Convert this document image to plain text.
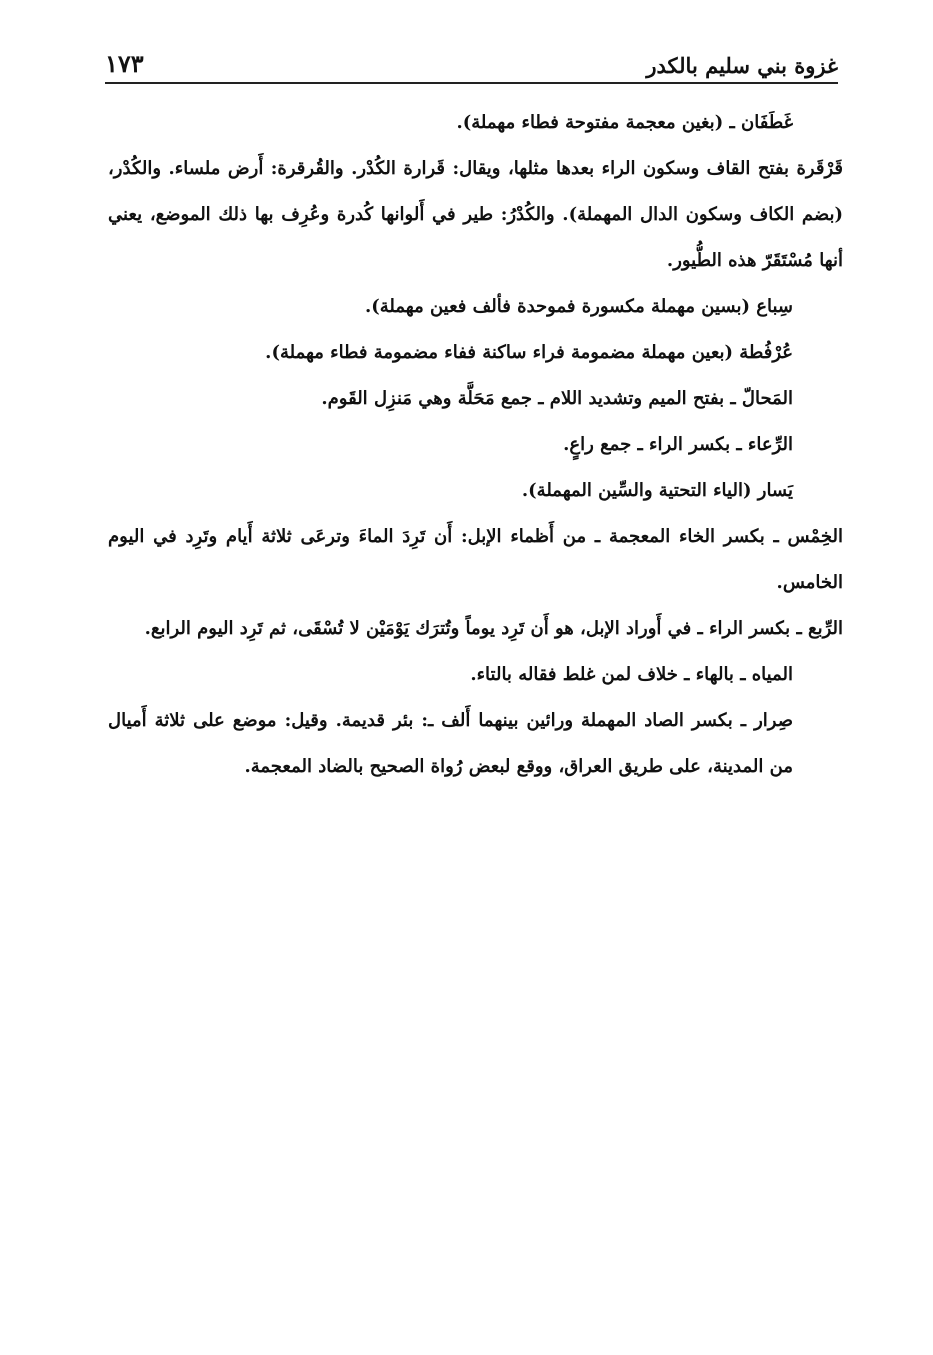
غزوة بني سليم بالكدر
١٧٣

غَطَفَان ـ (بغين معجمة مفتوحة فطاء مهملة).

قَرْقَرة بفتح القاف وسكون الراء بعدها مثلها، ويقال: قَرارة الكُدْر. والقُرقرة: أَرض ملساء. والكُدْر، (بضم الكاف وسكون الدال المهملة). والكُدْرُ: طير في أَلوانها كُدرة وعُرِف بها ذلك الموضع، يعني أنها مُسْتَقَرّ هذه الطُّيور.

سِباع (بسين مهملة مكسورة فموحدة فألف فعين مهملة).

عُرْفُطة (بعين مهملة مضمومة فراء ساكنة ففاء مضمومة فطاء مهملة).

المَحالّ ـ بفتح الميم وتشديد اللام ـ جمع مَحَلَّة وهي مَنزِل القَوم.

الرِّعاء ـ بكسر الراء ـ جمع راعٍ.

يَسار (الياء التحتية والسِّين المهملة).

الخِمْس ـ بكسر الخاء المعجمة ـ من أَظماء الإبل: أَن تَرِدَ الماءَ وترعَى ثلاثة أَيام وتَرِد في اليوم الخامس.

الرِّبع ـ بكسر الراء ـ في أَوراد الإبل، هو أَن تَرِد يوماً وتُترَك يَوْمَيْن لا تُسْقَى، ثم تَرِد اليوم الرابع.

المياه ـ بالهاء ـ خلاف لمن غلط فقاله بالتاء.

صِرار ـ بكسر الصاد المهملة ورائين بينهما أَلف ـ: بئر قديمة. وقيل: موضع على ثلاثة أَميال من المدينة، على طريق العراق، ووقع لبعض رُواة الصحيح بالضاد المعجمة.
